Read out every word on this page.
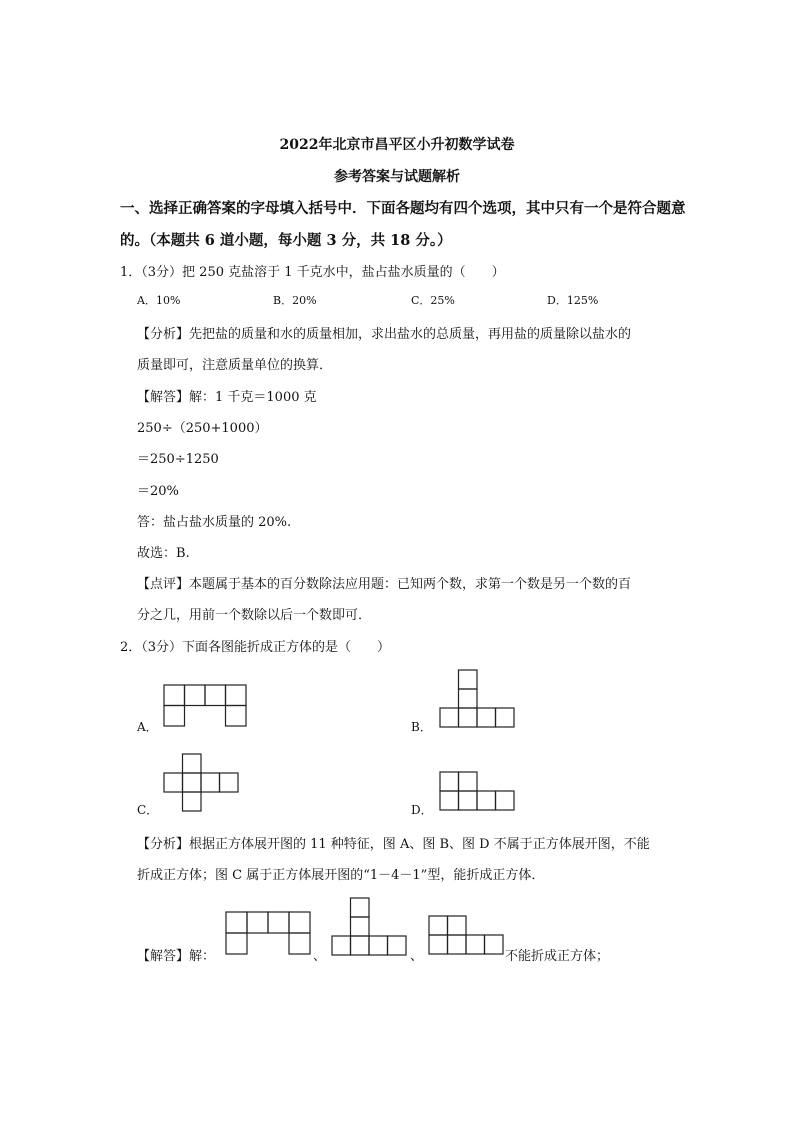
2022年北京市昌平区小升初数学试卷
参考答案与试题解析
一、选择正确答案的字母填入括号中．下面各题均有四个选项，其中只有一个是符合题意
的。（本题共 6 道小题，每小题 3 分，共 18 分。）
1．（3分）把 250 克盐溶于 1 千克水中，盐占盐水质量的（　　）
A．10%	B．20%	C．25%	D．125%
【分析】先把盐的质量和水的质量相加，求出盐水的总质量，再用盐的质量除以盐水的
质量即可，注意质量单位的换算．
【解答】解：1 千克＝1000 克
250÷（250+1000）
＝250÷1250
＝20%
答：盐占盐水质量的 20%.
故选：B.
【点评】本题属于基本的百分数除法应用题：已知两个数，求第一个数是另一个数的百
分之几，用前一个数除以后一个数即可．
2．（3分）下面各图能折成正方体的是（　　）
A．	B．
C．	D．
【分析】根据正方体展开图的 11 种特征，图 A、图 B、图 D 不属于正方体展开图，不能
折成正方体；图 C 属于正方体展开图的“1－4－1”型，能折成正方体．
【解答】解：	、	、	不能折成正方体；
